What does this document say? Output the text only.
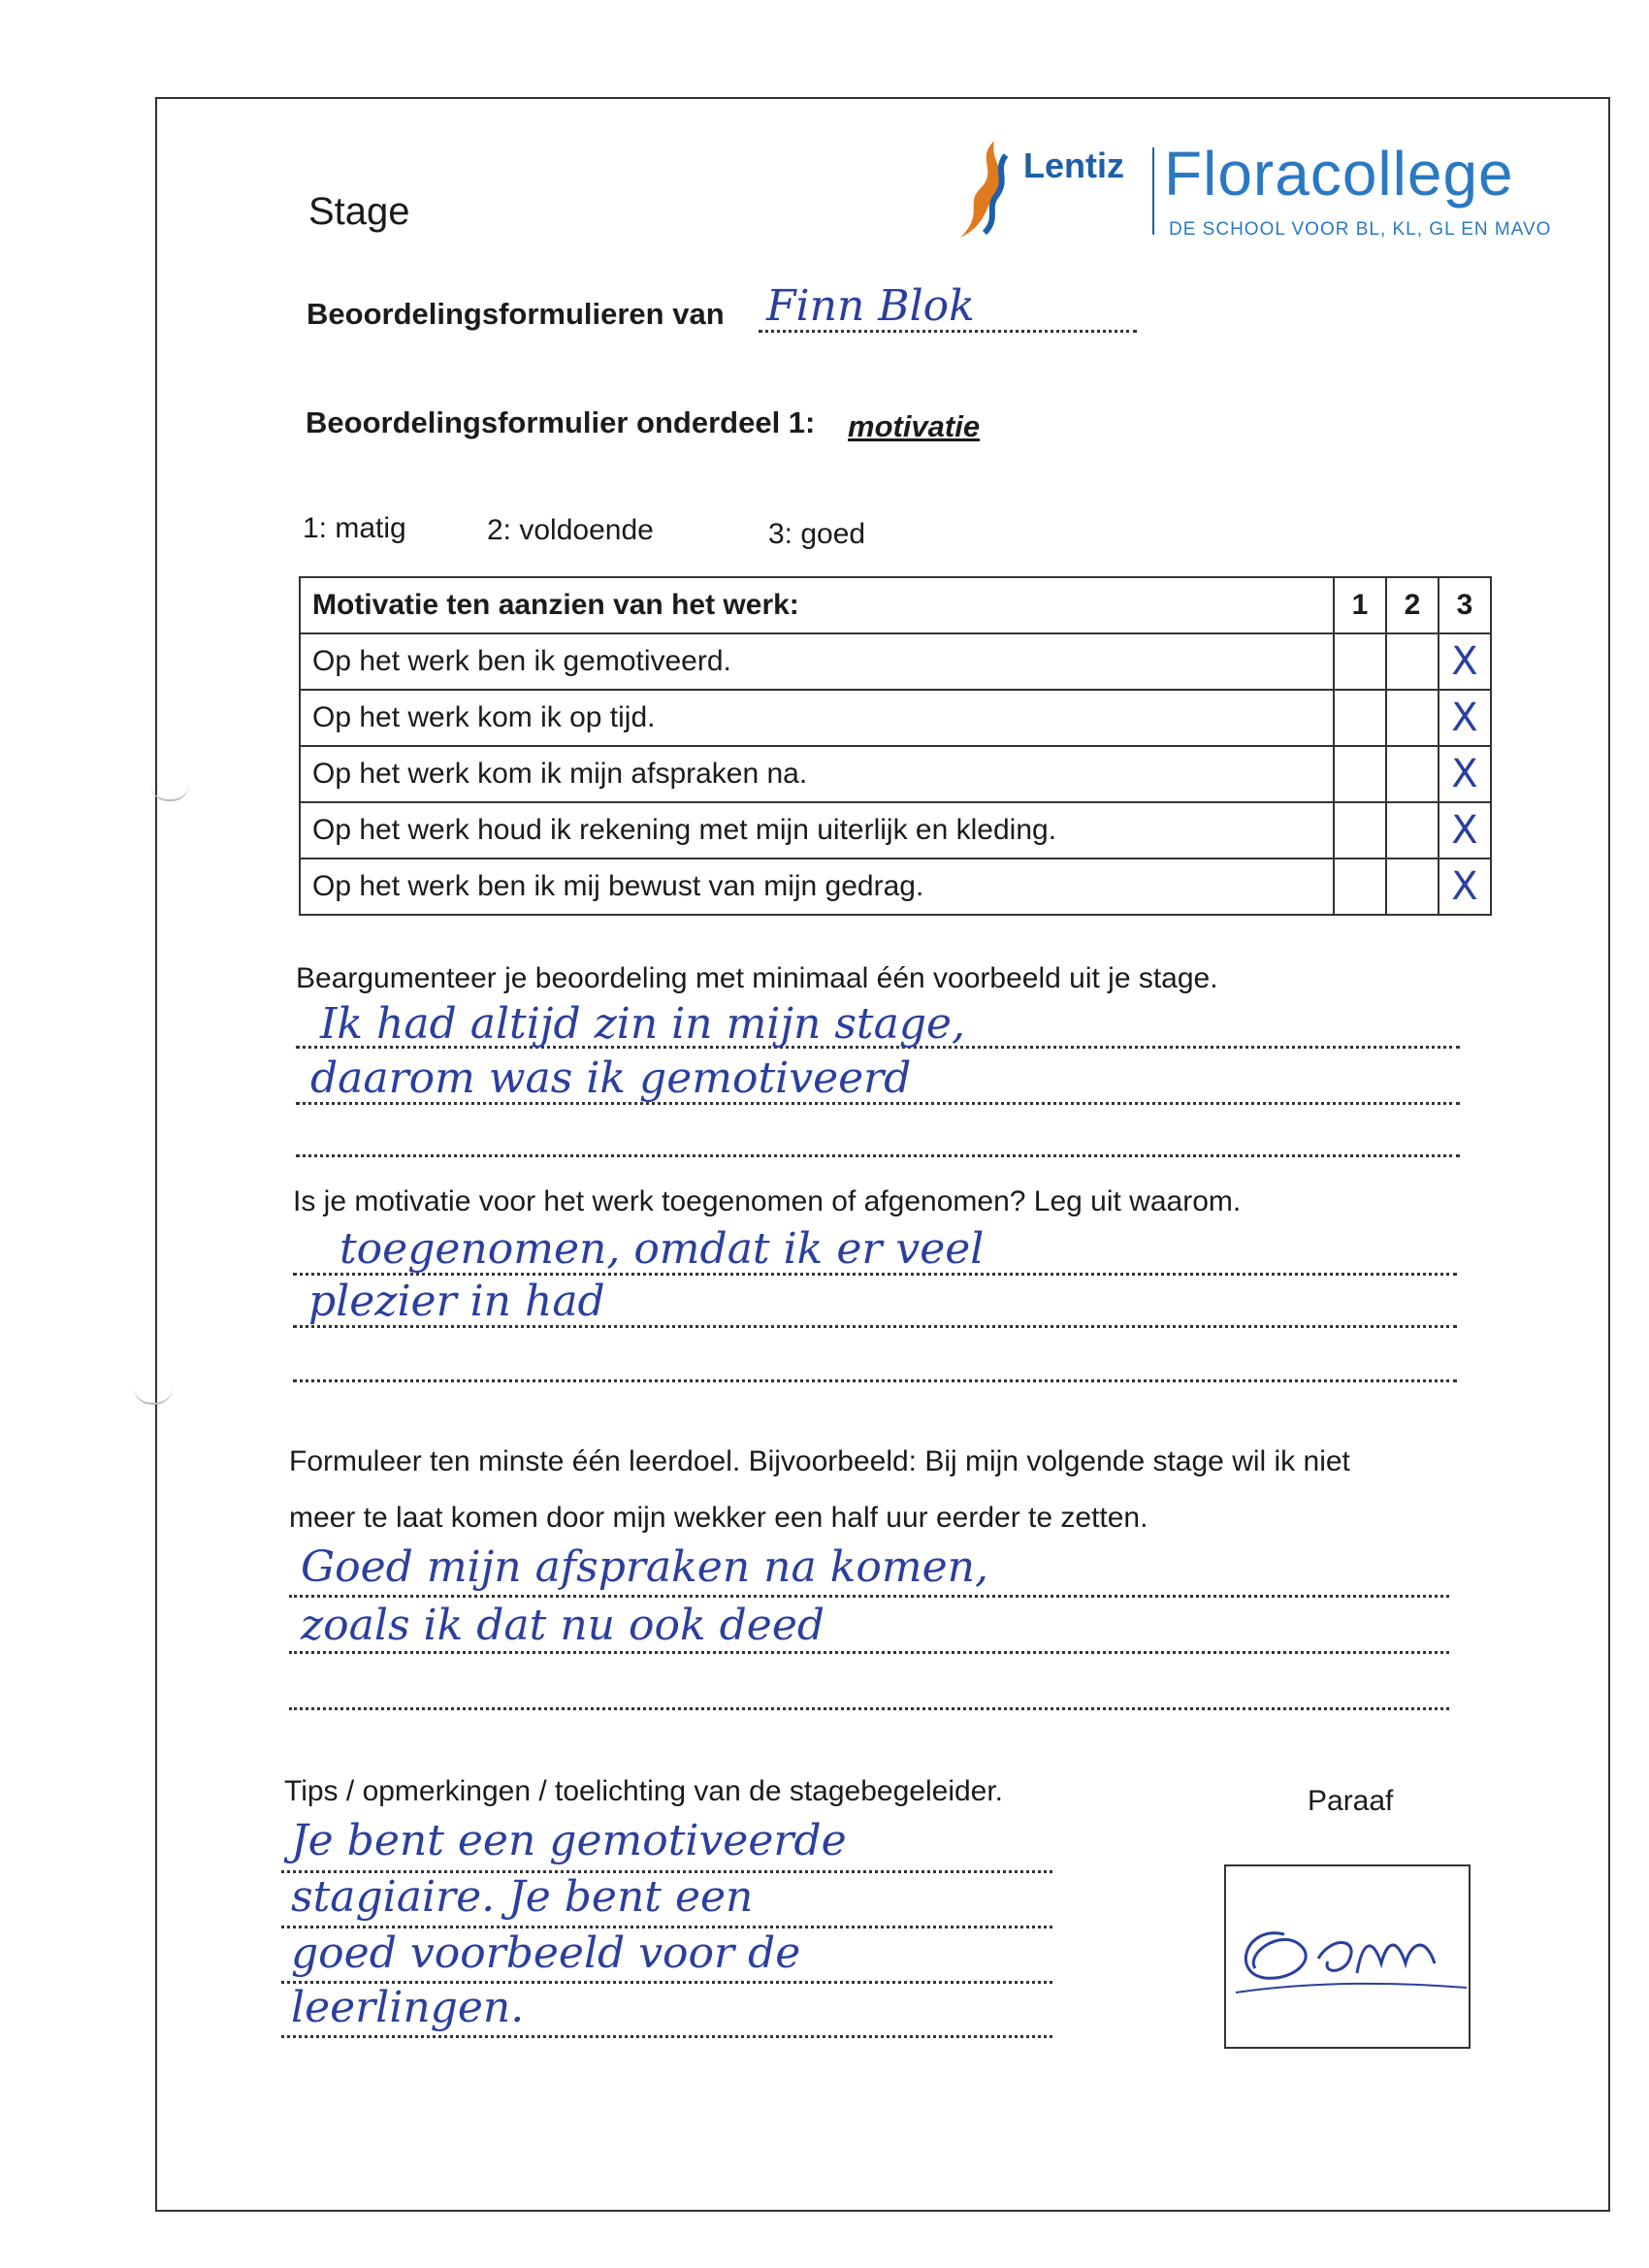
Stage
Lentiz Floracollege
DE SCHOOL VOOR BL, KL, GL EN MAVO
Beoordelingsformulieren van Finn Blok
Beoordelingsformulier onderdeel 1: motivatie
1: matig	2: voldoende	3: goed
Motivatie ten aanzien van het werk:	1	2	3
Op het werk ben ik gemotiveerd.			X
Op het werk kom ik op tijd.			X
Op het werk kom ik mijn afspraken na.			X
Op het werk houd ik rekening met mijn uiterlijk en kleding.			X
Op het werk ben ik mij bewust van mijn gedrag.			X
Beargumenteer je beoordeling met minimaal één voorbeeld uit je stage.
Ik had altijd zin in mijn stage,
daarom was ik gemotiveerd
Is je motivatie voor het werk toegenomen of afgenomen? Leg uit waarom.
toegenomen, omdat ik er veel
plezier in had
Formuleer ten minste één leerdoel. Bijvoorbeeld: Bij mijn volgende stage wil ik niet
meer te laat komen door mijn wekker een half uur eerder te zetten.
Goed mijn afspraken na komen,
zoals ik dat nu ook deed
Tips / opmerkingen / toelichting van de stagebegeleider.
Je bent een gemotiveerde
stagiaire. Je bent een
goed voorbeeld voor de
leerlingen.
Paraaf
